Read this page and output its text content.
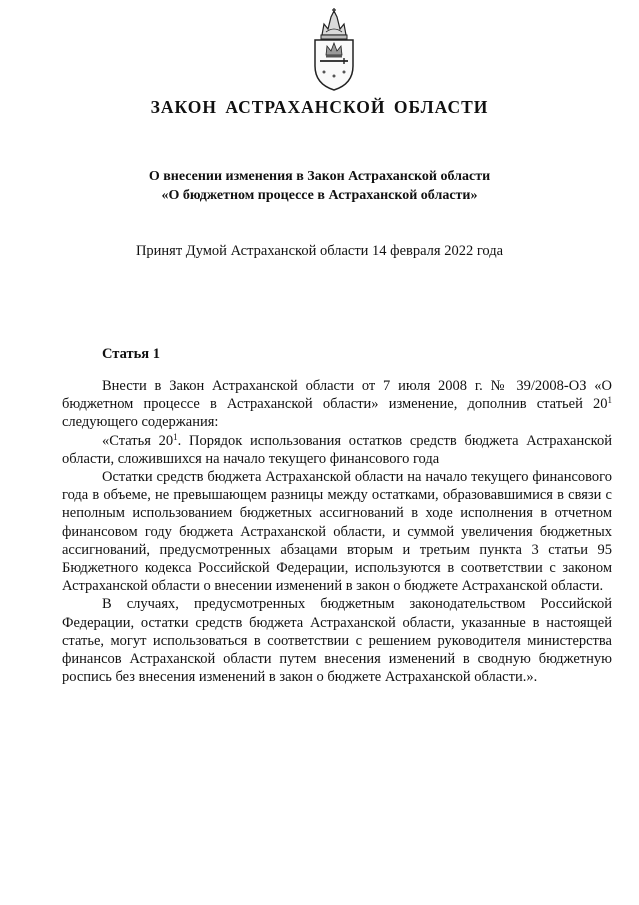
ЗАКОН АСТРАХАНСКОЙ ОБЛАСТИ
О внесении изменения в Закон Астраханской области
«О бюджетном процессе в Астраханской области»
Принят Думой Астраханской области 14 февраля 2022 года
Статья 1

Внести в Закон Астраханской области от 7 июля 2008 г. № 39/2008-ОЗ «О бюджетном процессе в Астраханской области» изменение, дополнив статьей $20^1$ следующего содержания:

«Статья $20^1$. Порядок использования остатков средств бюджета Астраханской области, сложившихся на начало текущего финансового года

Остатки средств бюджета Астраханской области на начало текущего финансового года в объеме, не превышающем разницы между остатками, образовавшимися в связи с неполным использованием бюджетных ассигнований в ходе исполнения в отчетном финансовом году бюджета Астраханской области, и суммой увеличения бюджетных ассигнований, предусмотренных абзацами вторым и третьим пункта 3 статьи 95 Бюджетного кодекса Российской Федерации, используются в соответствии с законом Астраханской области о внесении изменений в закон о бюджете Астраханской области.

В случаях, предусмотренных бюджетным законодательством Российской Федерации, остатки средств бюджета Астраханской области, указанные в настоящей статье, могут использоваться в соответствии с решением руководителя министерства финансов Астраханской области путем внесения изменений в сводную бюджетную роспись без внесения изменений в закон о бюджете Астраханской области.».
